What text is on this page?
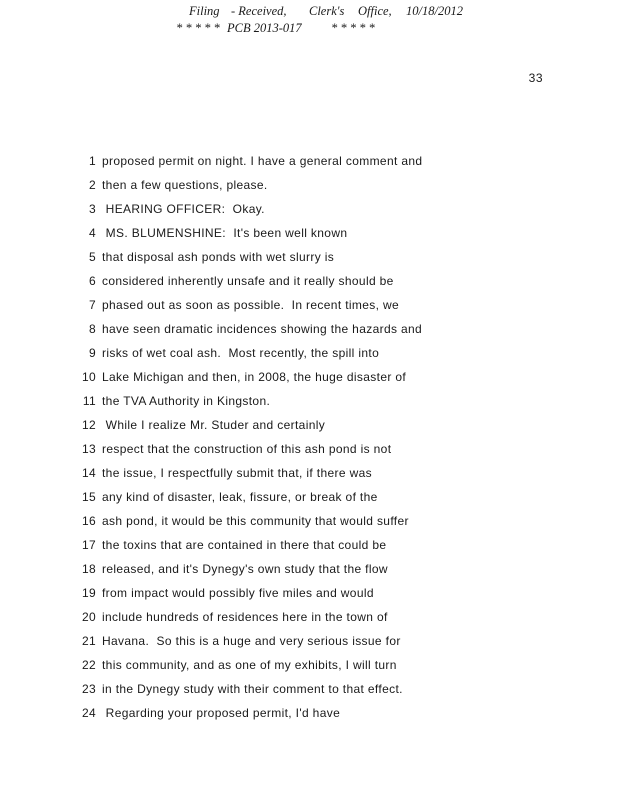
Filing

- Received,

Clerk's

Office,

10/18/2012

* * * * *

PCB 2013-017

* * * * *

33
1 proposed permit on night. I have a general comment and
2 then a few questions, please.
3 HEARING OFFICER:  Okay.
4 MS. BLUMENSHINE:  It's been well known
5 that disposal ash ponds with wet slurry is
6 considered inherently unsafe and it really should be
7 phased out as soon as possible.  In recent times, we
8 have seen dramatic incidences showing the hazards and
9 risks of wet coal ash.  Most recently, the spill into
10 Lake Michigan and then, in 2008, the huge disaster of
11 the TVA Authority in Kingston.
12 While I realize Mr. Studer and certainly
13 respect that the construction of this ash pond is not
14 the issue, I respectfully submit that, if there was
15 any kind of disaster, leak, fissure, or break of the
16 ash pond, it would be this community that would suffer
17 the toxins that are contained in there that could be
18 released, and it's Dynegy's own study that the flow
19 from impact would possibly five miles and would
20 include hundreds of residences here in the town of
21 Havana.  So this is a huge and very serious issue for
22 this community, and as one of my exhibits, I will turn
23 in the Dynegy study with their comment to that effect.
24 Regarding your proposed permit, I'd have
